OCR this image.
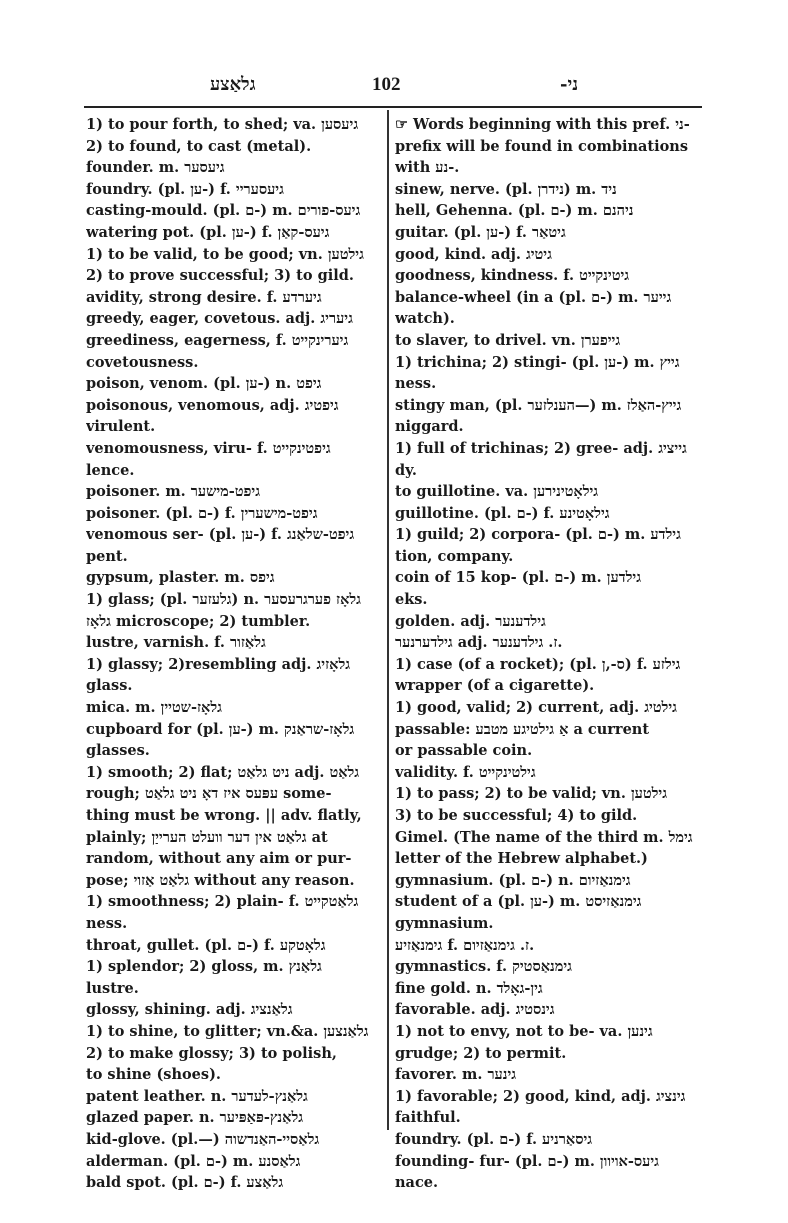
גלאַצע	102	ני-
1) to pour forth, to shed; va. גיעסען
2) to found, to cast (metal).
founder. m. גיעסער
foundry. (pl. ען-) f. גיעסעריי
casting-mould. (pl. ם-) m. גיעס-פורים
watering pot. (pl. ען-) f. גיעס-קאַן
1) to be valid, to be good; vn. גילטען
2) to prove successful; 3) to gild.
avidity, strong desire. f. גיערדע
greedy, eager, covetous. adj. גיעריג
greediness, eagerness, f. גיערינקייט
covetousness.
poison, venom. (pl. ען-) n. גיפט
poisonous, venomous, adj. גיפטיג
virulent.
venomousness, viru- f. גיפטינקייט
lence.
poisoner. m. גיפט-מישער
poisoner. (pl. ם-) f. גיפט-מישערין
venomous ser- (pl. ען-) f. גיפט-שלאַנג
pent.
gypsum, plaster. m. גיפס
1) glass; (pl. גלעזער) n. גלאָז פערגרעסער
גלאָז microscope; 2) tumbler.
lustre, varnish. f. גלאַזור
1) glassy; 2)resembling adj. גלאָזיג
glass.
mica. m. גלאָז-שטיין
cupboard for (pl. ען-) m. גלאָז-שראַנק
glasses.
1) smooth; 2) flat; ניט גלאַט adj. גלאַט
rough; עפּעס איז דאָ ניט גלאַט some-
thing must be wrong. || adv. flatly,
plainly; גלאַט אין דער וועלט הערייַן at
random, without any aim or pur-
pose; גלאַט אַזוי without any reason.
1) smoothness; 2) plain- f. גלאַטקייט
ness.
throat, gullet. (pl. ם-) f. גלאָטקע
1) splendor; 2) gloss, m. גלאַנץ
lustre.
glossy, shining. adj. גלאַנציג
1) to shine, to glitter; vn.&a. גלאַנצען
2) to make glossy; 3) to polish,
to shine (shoes).
patent leather. n. גלאַנץ-לעדער
glazed paper. n. גלאַנץ-פּאַפּיער
kid-glove. (pl.—) גלאַסיי-האַנדשוה
alderman. (pl. ם-) m. גלאַסנע
bald spot. (pl. ם-) f. גלאַצע
☞ Words beginning with this pref. ני-
prefix will be found in combinations
with נע-.
sinew, nerve. (pl. נידרן) m. ניד
hell, Gehenna. (pl. ם-) m. ניהנם
guitar. (pl. ען-) f. גיטאַר
good, kind. adj. גיטיג
goodness, kindness. f. גיטינקייט
balance-wheel (in a (pl. ם-) m. גייער
watch).
to slaver, to drivel. vn. גייפערן
1) trichina; 2) stingi- (pl. ען-) m. גייץ
ness.
stingy man, (pl. הענלזער—) m. גייץ-האַלז
niggard.
1) full of trichinas; 2) gree- adj. גייציג
dy.
to guillotine. va. גילאָטינירען
guillotine. (pl. ם-) f. גילאָטינע
1) guild; 2) corpora- (pl. ם-) m. גילדע
tion, company.
coin of 15 kop- (pl. ם-) m. גילדען
eks.
golden. adj. גילדענער
גילדערנער adj. ז. גילדענער.
1) case (of a rocket); (pl. ס-,ן) f. גילזע
wrapper (of a cigarette).
1) good, valid; 2) current, adj. גילטיג
passable: אַ גילטיגע מטבע a current
or passable coin.
validity. f. גילטינקייט
1) to pass; 2) to be valid; vn. גילטען
3) to be successful; 4) to gild.
Gimel. (The name of the third m. גימל
letter of the Hebrew alphabet.)
gymnasium. (pl. ם-) n. גימנאַזיום
student of a (pl. ען-) m. גימנאַזיסט
gymnasium.
גימנאַזיע f. ז. גימנאַזיום.
gymnastics. f. גימנאַסטיק
fine gold. n. גין-גאָלד
favorable. adj. גינסטיג
1) not to envy, not to be- va. גינען
grudge; 2) to permit.
favorer. m. גינער
1) favorable; 2) good, kind, adj. גינציג
faithful.
foundry. (pl. ם-) f. גיסאַרניע
founding- fur- (pl. ם-) m. גיעס-אויוון
nace.
